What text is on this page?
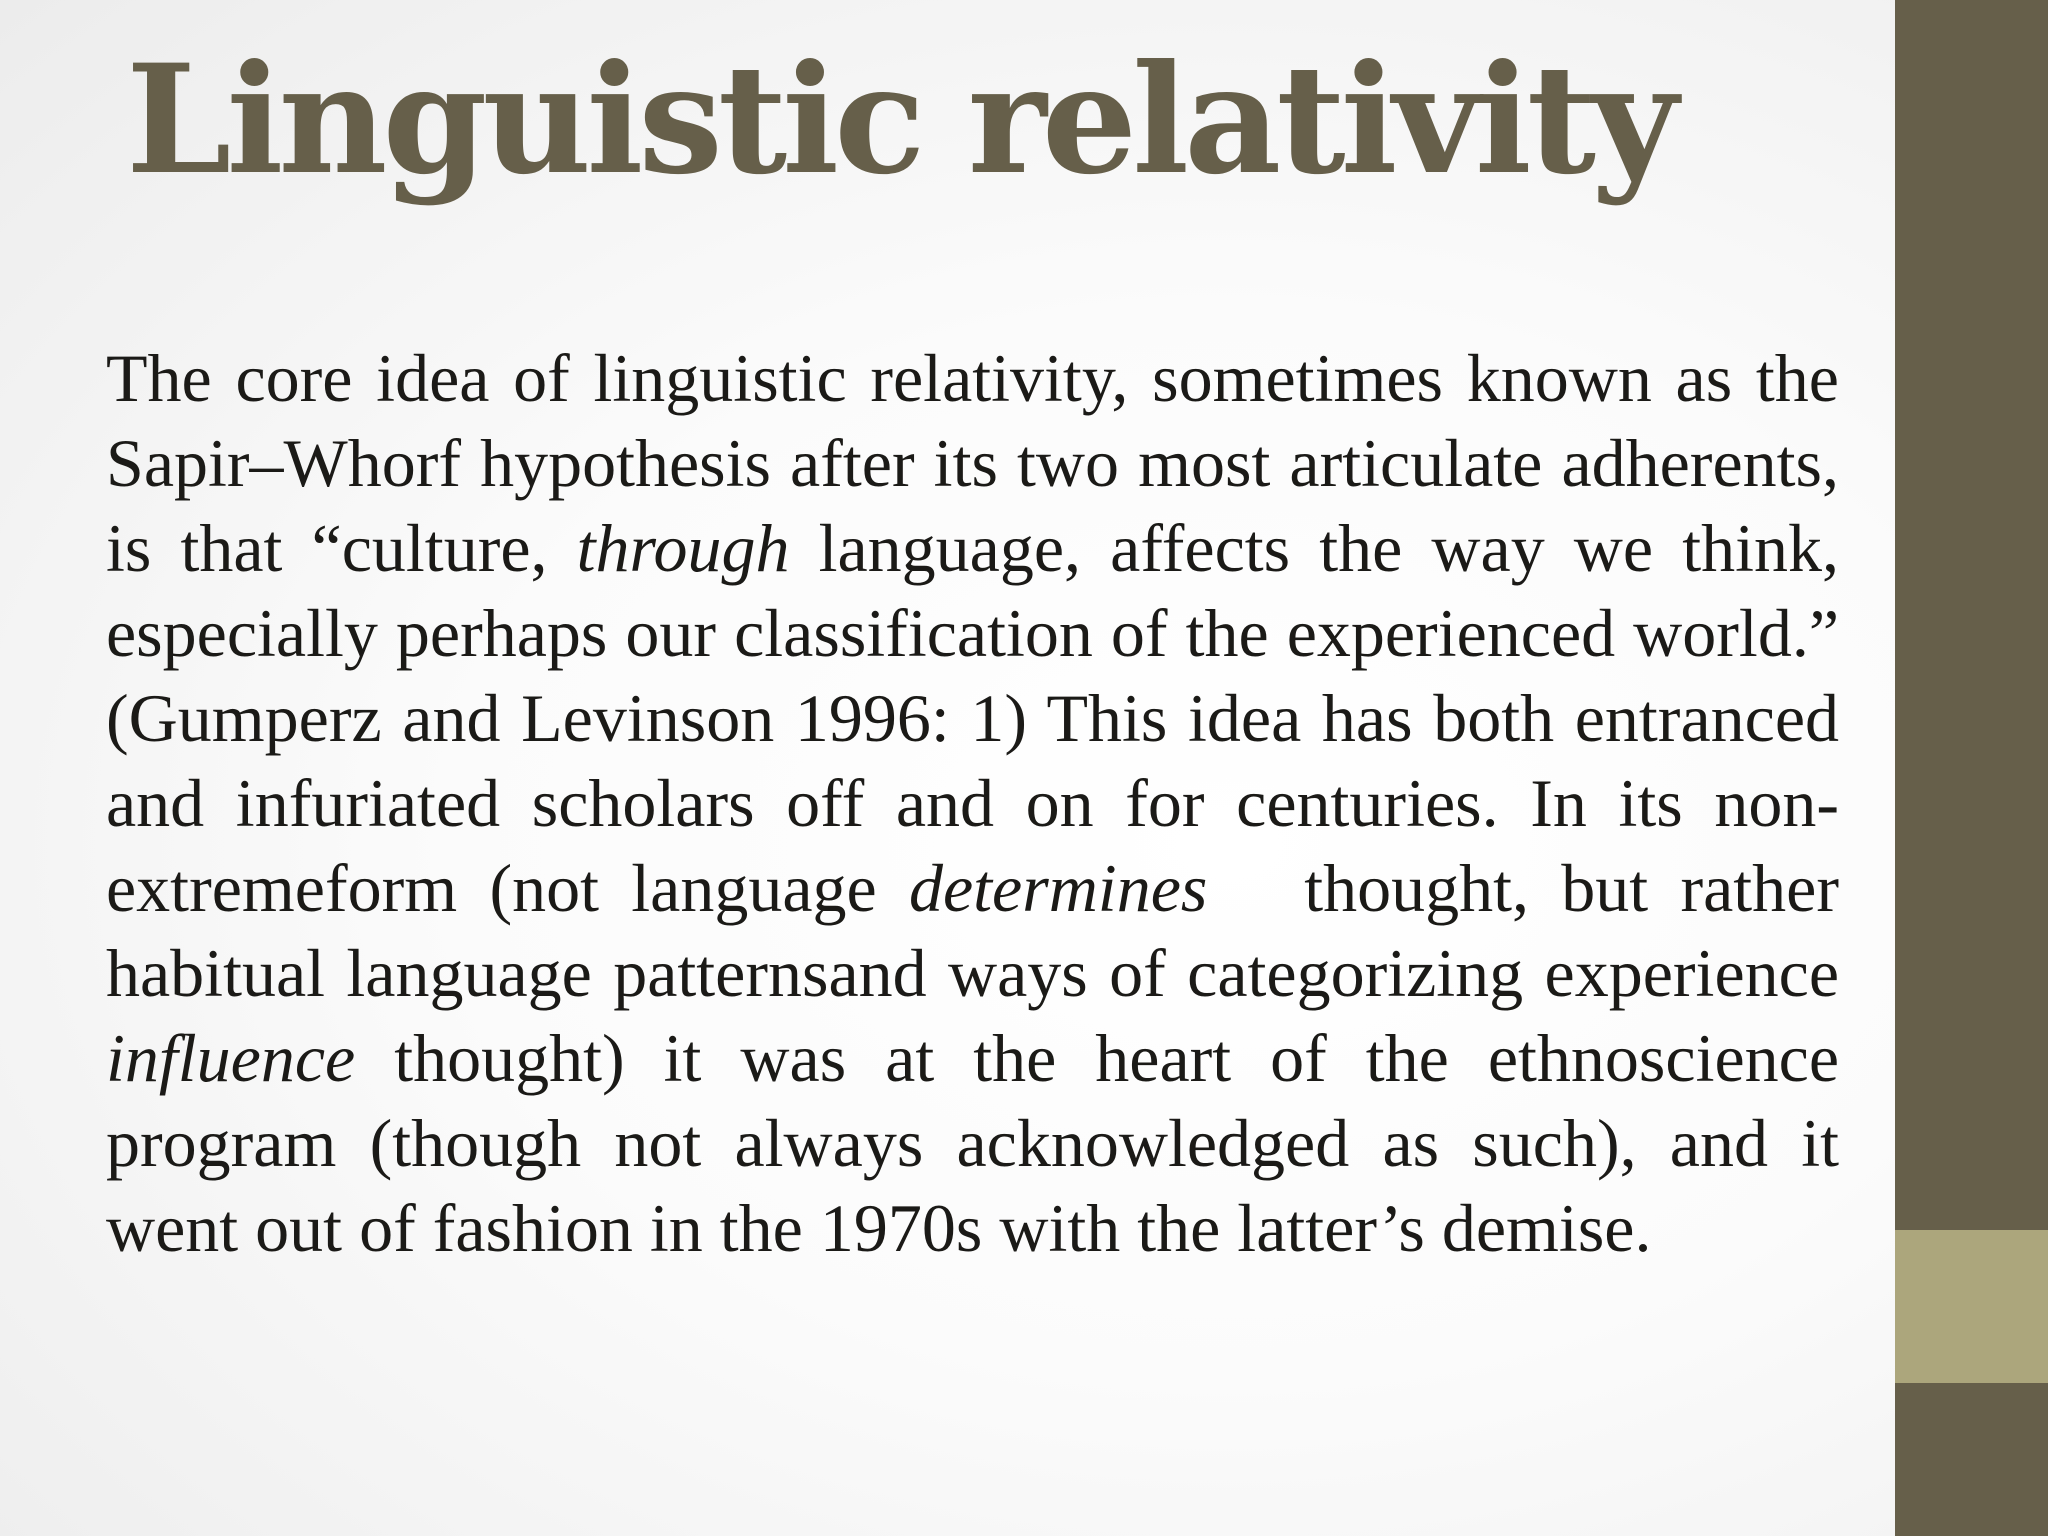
Linguistic relativity

The core idea of linguistic relativity, sometimes known as the Sapir–Whorf hypothesis after its two most articulate adherents, is that “culture, through language, affects the way we think, especially perhaps our classification of the experienced world.” (Gumperz and Levinson 1996: 1) This idea has both entranced and infuriated scholars off and on for centuries. In its non-extremeform (not language determines   thought, but rather habitual language patternsand ways of categorizing experience influence thought) it was at the heart of the ethnoscience program (though not always acknowledged as such), and it went out of fashion in the 1970s with the latter’s demise.
